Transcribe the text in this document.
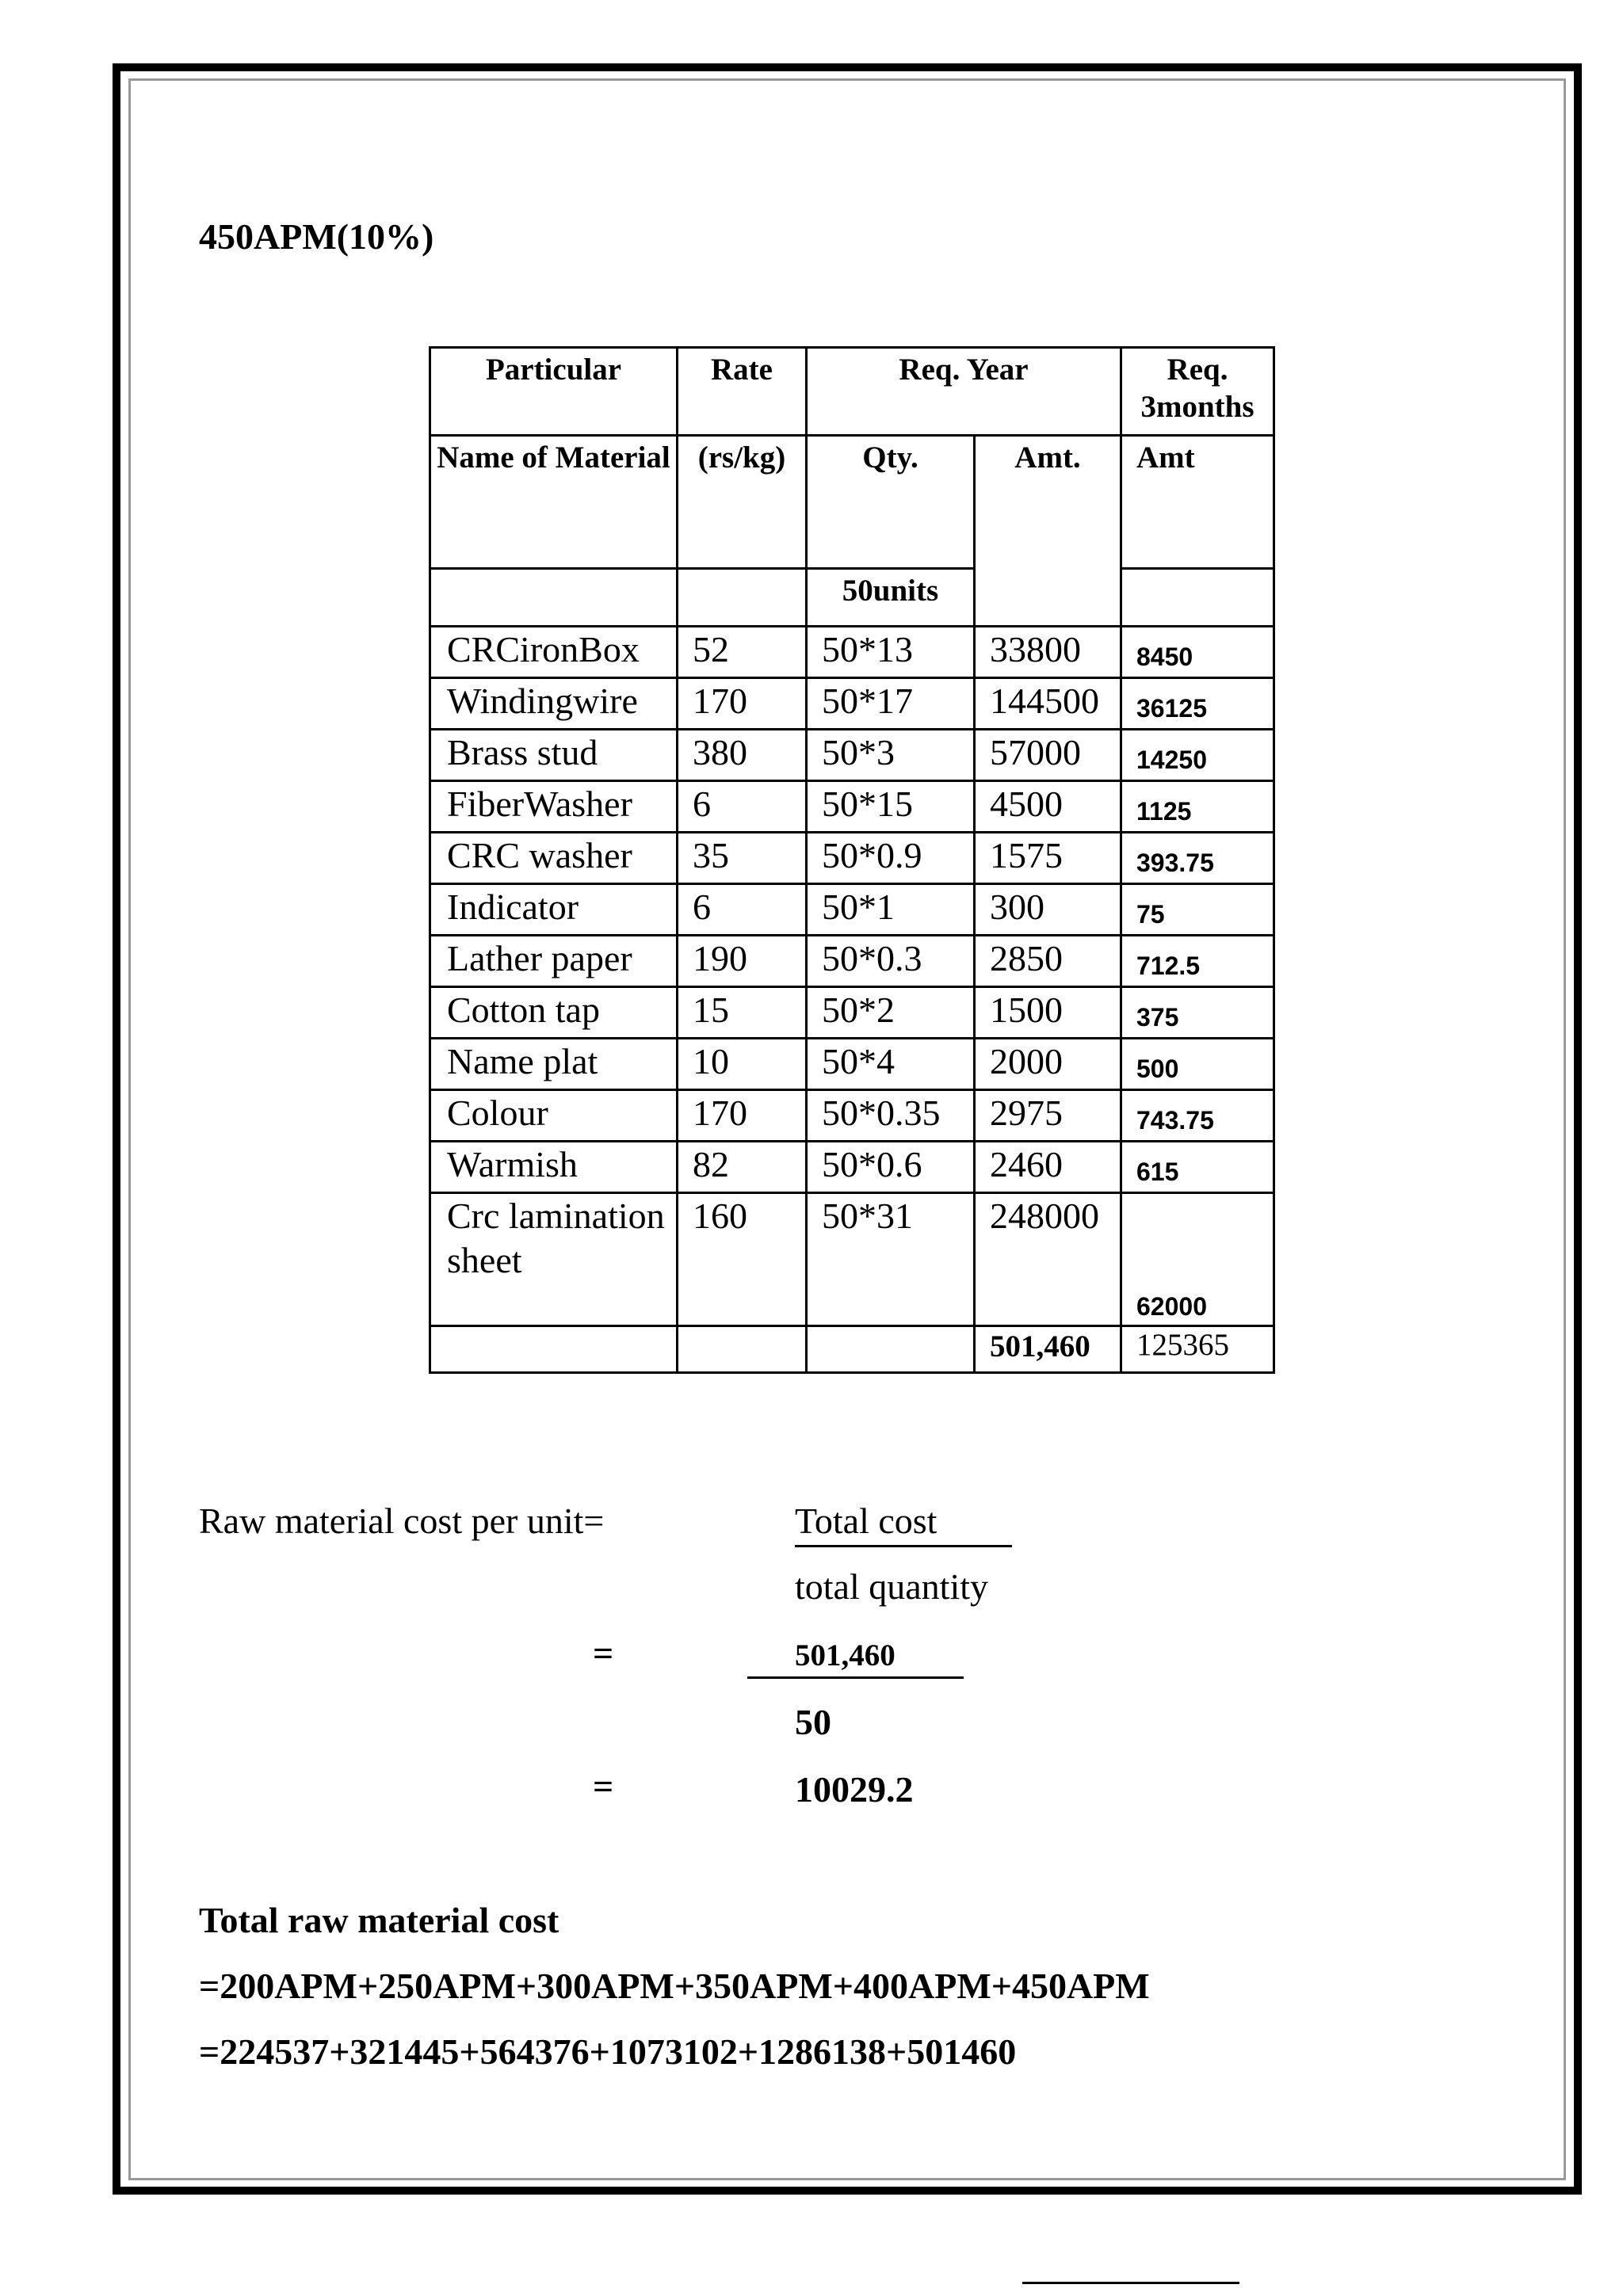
450APM(10%)
Particular	Rate	Req. Year		Req. 3months
Name of Material	(rs/kg)	Qty.	Amt.	Amt
		50units		
CRCironBox	52	50*13	33800	8450
Windingwire	170	50*17	144500	36125
Brass stud	380	50*3	57000	14250
FiberWasher	6	50*15	4500	1125
CRC washer	35	50*0.9	1575	393.75
Indicator	6	50*1	300	75
Lather paper	190	50*0.3	2850	712.5
Cotton tap	15	50*2	1500	375
Name plat	10	50*4	2000	500
Colour	170	50*0.35	2975	743.75
Warmish	82	50*0.6	2460	615
Crc lamination sheet	160	50*31	248000	62000
			501,460	125365
Raw material cost per unit=	Total cost
total quantity
=	501,460
50
=	10029.2
Total raw material cost
=200APM+250APM+300APM+350APM+400APM+450APM
=224537+321445+564376+1073102+1286138+501460
